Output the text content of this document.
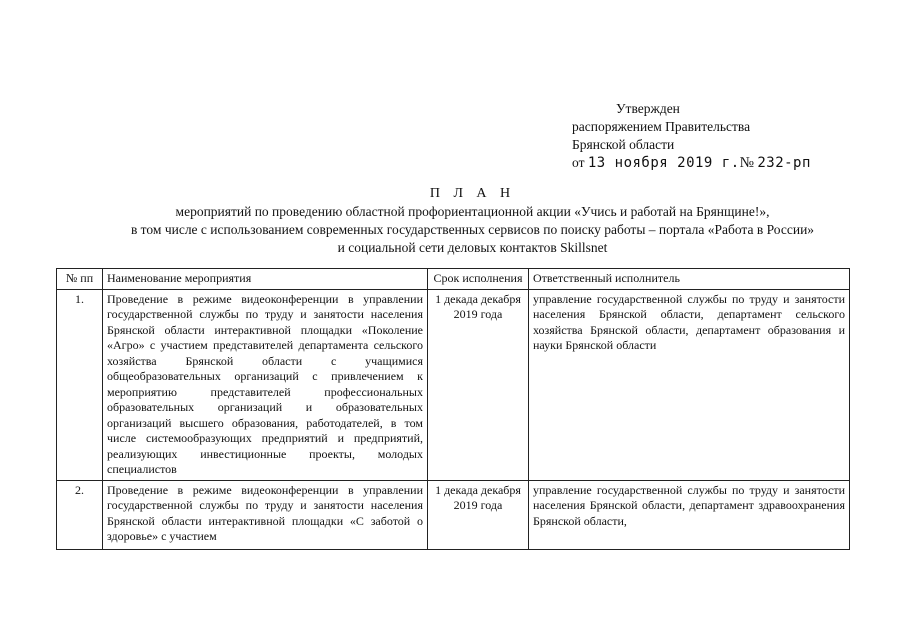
Утвержден
распоряжением Правительства
Брянской области
от 13 ноября 2019 г.№ 232-рп
П Л А Н
мероприятий по проведению областной профориентационной акции «Учись и работай на Брянщине!»,
в том числе с использованием современных государственных сервисов по поиску работы – портала «Работа в России»
и социальной сети деловых контактов Skillsnet
№ пп	Наименование мероприятия	Срок исполнения	Ответственный исполнитель
1.	Проведение в режиме видеоконференции в управлении государственной службы по труду и занятости населения Брянской области интерактивной площадки «Поколение «Агро» с участием представителей департамента сельского хозяйства Брянской области с учащимися общеобразовательных организаций с привлечением к мероприятию представителей профессиональных образовательных организаций и образовательных организаций высшего образования, работодателей, в том числе системообразующих предприятий и предприятий, реализующих инвестиционные проекты, молодых специалистов	1 декада декабря 2019 года	управление государственной службы по труду и занятости населения Брянской области, департамент сельского хозяйства Брянской области, департамент образования и науки Брянской области
2.	Проведение в режиме видеоконференции в управлении государственной службы по труду и занятости населения Брянской области интерактивной площадки «С заботой о здоровье» с участием	1 декада декабря 2019 года	управление государственной службы по труду и занятости населения Брянской области, департамент здравоохранения Брянской области,
